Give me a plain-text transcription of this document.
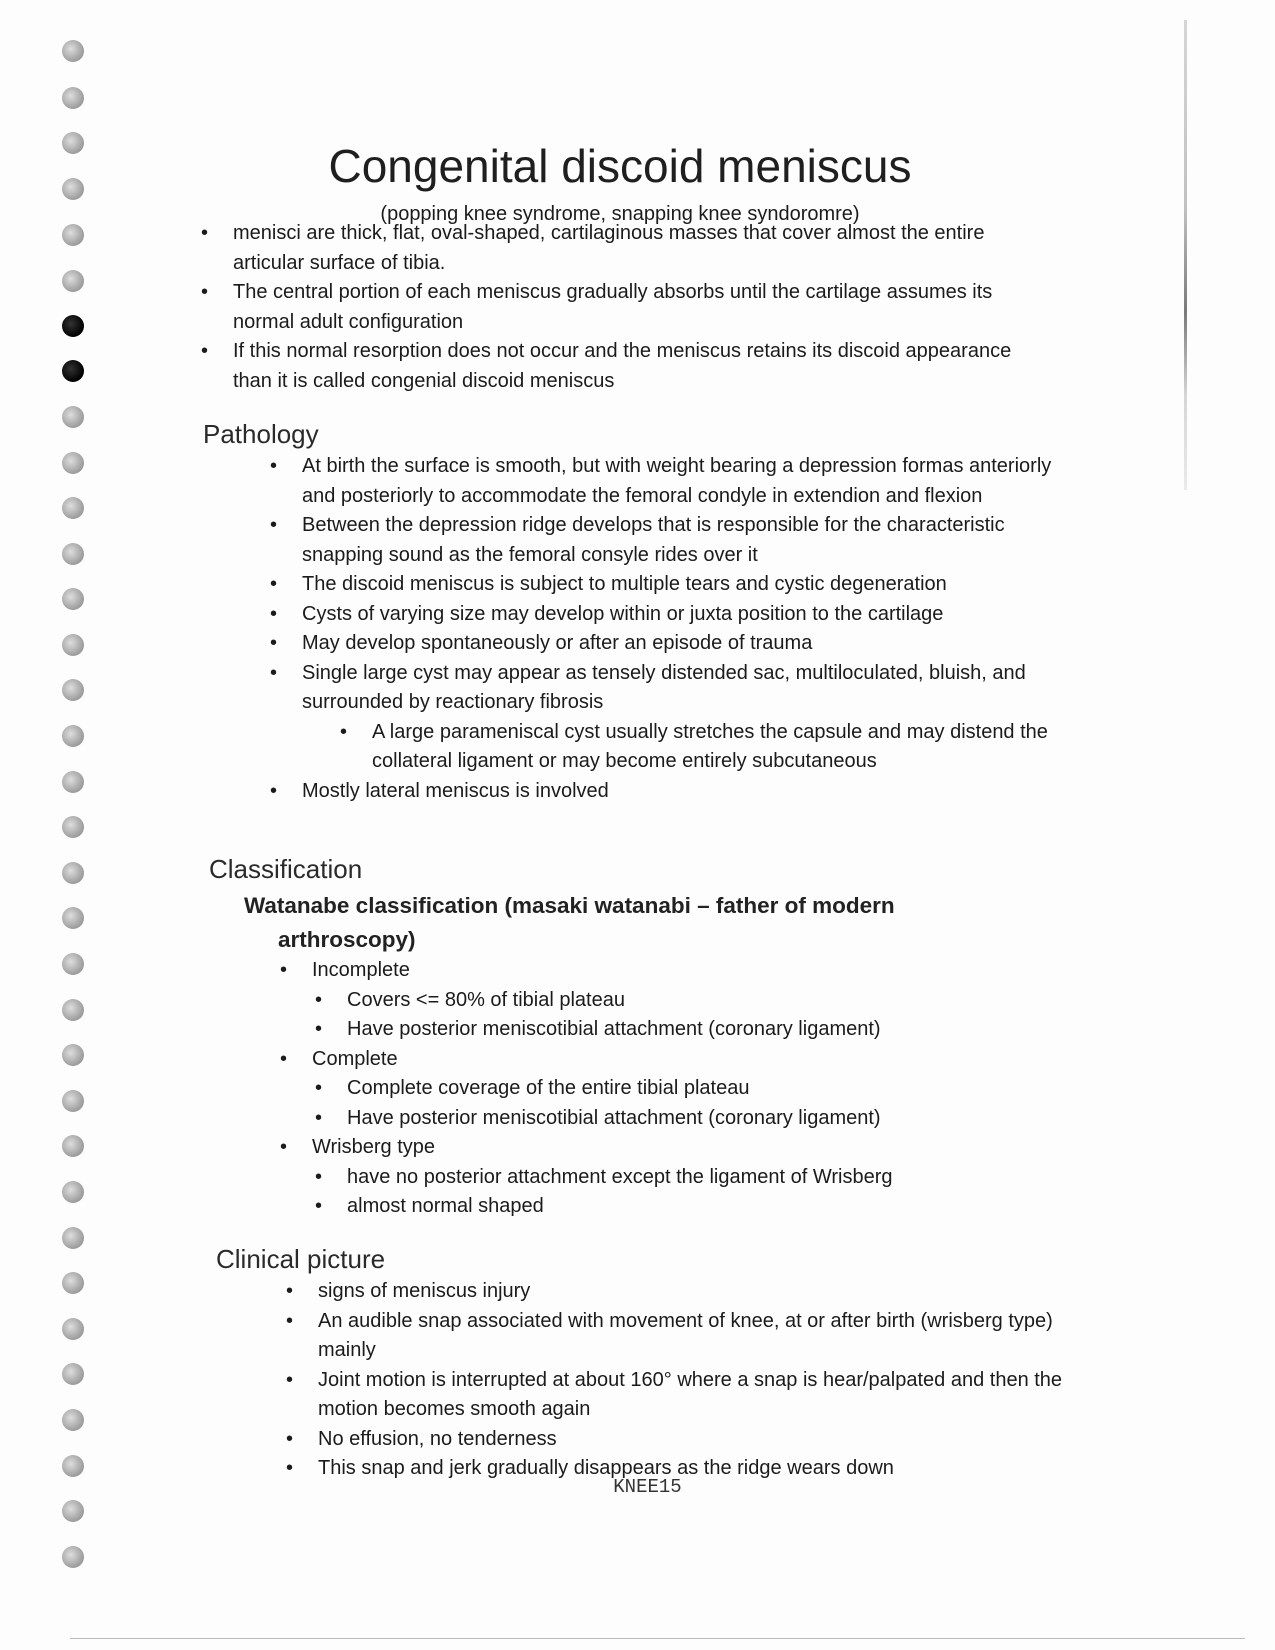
Congenital discoid meniscus
(popping knee syndrome, snapping knee syndoromre)
• menisci are thick, flat, oval-shaped, cartilaginous masses that cover almost the entire articular surface of tibia.
• The central portion of each meniscus gradually absorbs until the cartilage assumes its normal adult configuration
• If this normal resorption does not occur and the meniscus retains its discoid appearance than it is called congenial discoid meniscus
Pathology
• At birth the surface is smooth, but with weight bearing a depression formas anteriorly and posteriorly to accommodate the femoral condyle in extendion and flexion
• Between the depression ridge develops that is responsible for the characteristic snapping sound as the femoral consyle rides over it
• The discoid meniscus is subject to multiple tears and cystic degeneration
• Cysts of varying size may develop within or juxta position to the cartilage
• May develop spontaneously or after an episode of trauma
• Single large cyst may appear as tensely distended sac, multiloculated, bluish, and surrounded by reactionary fibrosis
• A large parameniscal cyst usually stretches the capsule and may distend the collateral ligament or may become entirely subcutaneous
• Mostly lateral meniscus is involved
Classification
Watanabe classification (masaki watanabi – father of modern
arthroscopy)
• Incomplete
• Covers <= 80% of tibial plateau
• Have posterior meniscotibial attachment (coronary ligament)
• Complete
• Complete coverage of the entire tibial plateau
• Have posterior meniscotibial attachment (coronary ligament)
• Wrisberg type
• have no posterior attachment except the ligament of Wrisberg
• almost normal shaped
Clinical picture
• signs of meniscus injury
• An audible snap associated with movement of knee, at or after birth (wrisberg type) mainly
• Joint motion is interrupted at about 160° where a snap is hear/palpated and then the motion becomes smooth again
• No effusion, no tenderness
• This snap and jerk gradually disappears as the ridge wears down
KNEE15
